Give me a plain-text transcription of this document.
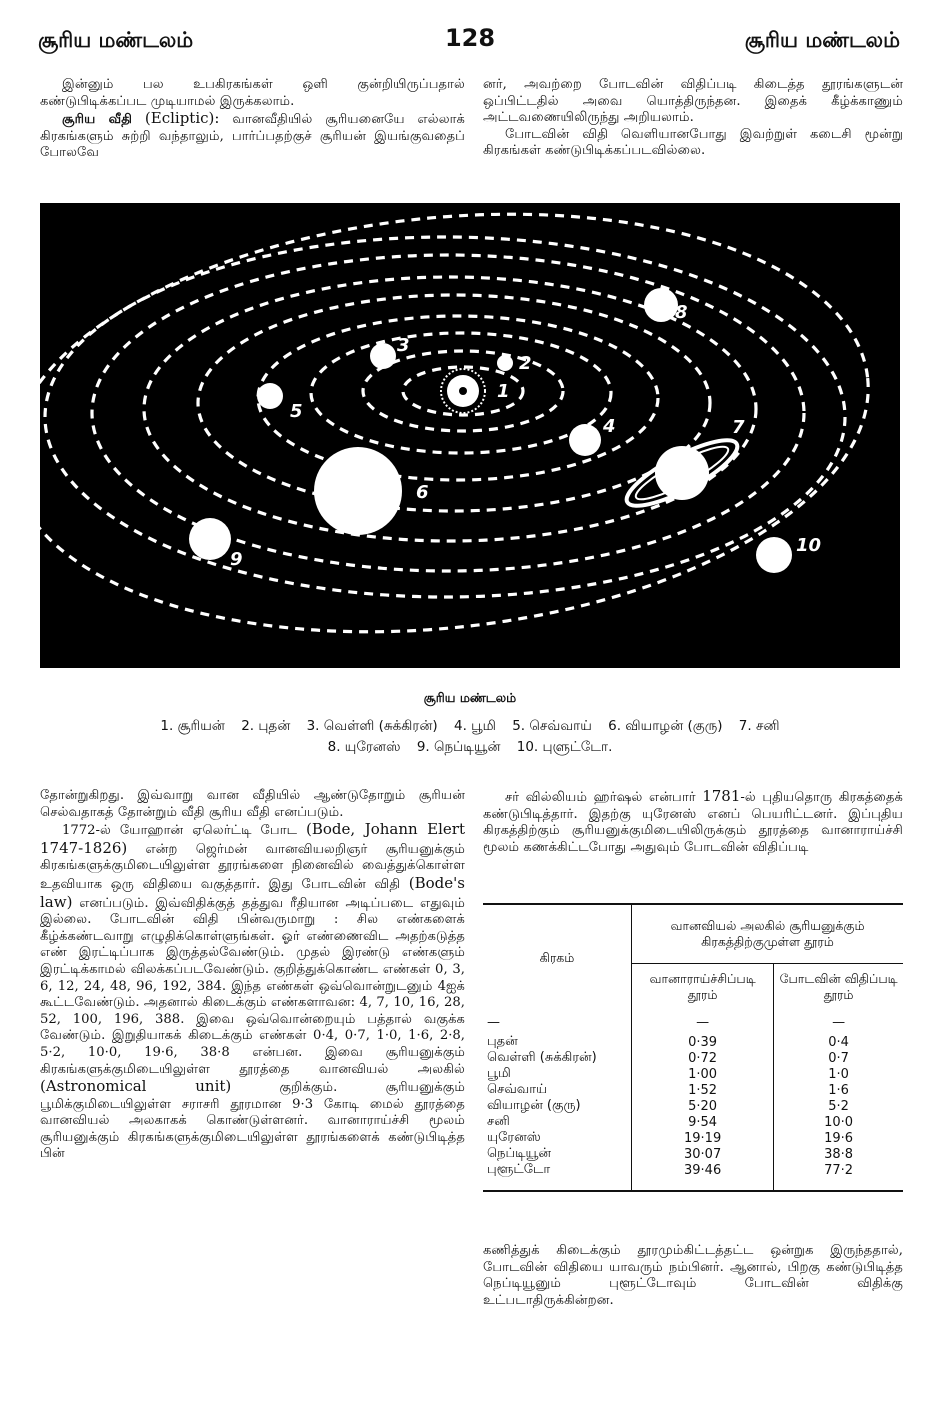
சூரிய மண்டலம்	128	சூரிய மண்டலம்

இன்னும் பல உபகிரகங்கள் ஒளி குன்றியிருப்பதால் கண்டுபிடிக்கப்பட முடியாமல் இருக்கலாம்.

சூரிய வீதி (Ecliptic): வானவீதியில் சூரியனையே எல்லாக் கிரகங்களும் சுற்றி வந்தாலும், பார்ப்பதற்குச் சூரியன் இயங்குவதைப் போலவே

னர், அவற்றை போடவின் விதிப்படி கிடைத்த தூரங்களுடன் ஒப்பிட்டதில் அவை யொத்திருந்தன. இதைக் கீழ்க்காணும் அட்டவணையிலிருந்து அறியலாம்.

போடவின் விதி வெளியானபோது இவற்றுள் கடைசி மூன்று கிரகங்கள் கண்டுபிடிக்கப்படவில்லை.

1
2
3
4
5
6
7
8
9
10
சூரிய மண்டலம்
1. சூரியன் 2. புதன் 3. வெள்ளி (சுக்கிரன்) 4. பூமி 5. செவ்வாய் 6. வியாழன் (குரு) 7. சனி
8. யுரேனஸ் 9. நெப்டியூன் 10. புளுட்டோ.

தோன்றுகிறது. இவ்வாறு வான வீதியில் ஆண்டுதோறும் சூரியன் செல்வதாகத் தோன்றும் வீதி சூரிய வீதி எனப்படும்.

1772-ல் யோஹான் ஏலெர்ட்டி போட (Bode, Johann Elert 1747-1826) என்ற ஜெர்மன் வானவியலறிஞர் சூரியனுக்கும் கிரகங்களுக்குமிடையிலுள்ள தூரங்களை நினைவில் வைத்துக்கொள்ள உதவியாக ஒரு விதியை வகுத்தார். இது போடவின் விதி (Bode's law) எனப்படும். இவ்விதிக்குத் தத்துவ ரீதியான அடிப்படை எதுவும் இல்லை. போடவின் விதி பின்வருமாறு : சில எண்களைக் கீழ்க்கண்டவாறு எழுதிக்கொள்ளுங்கள். ஓர் எண்ணைவிட அதற்கடுத்த எண் இரட்டிப்பாக இருத்தல்வேண்டும். முதல் இரண்டு எண்களும் இரட்டிக்காமல் விலக்கப்படவேண்டும். குறித்துக்கொண்ட எண்கள் 0, 3, 6, 12, 24, 48, 96, 192, 384. இந்த எண்கள் ஒவ்வொன்றுடனும் 4ஐக் கூட்டவேண்டும். அதனால் கிடைக்கும் எண்களாவன: 4, 7, 10, 16, 28, 52, 100, 196, 388. இவை ஒவ்வொன்றையும் பத்தால் வகுக்க வேண்டும். இறுதியாகக் கிடைக்கும் எண்கள் 0·4, 0·7, 1·0, 1·6, 2·8, 5·2, 10·0, 19·6, 38·8 என்பன. இவை சூரியனுக்கும் கிரகங்களுக்குமிடையிலுள்ள தூரத்தை வானவியல் அலகில் (Astronomical unit)	குறிக்கும். சூரியனுக்கும் பூமிக்குமிடையிலுள்ள சராசரி தூரமான 9·3 கோடி மைல் தூரத்தை வானவியல் அலகாகக் கொண்டுள்ளனர். வானாராய்ச்சி மூலம் சூரியனுக்கும் கிரகங்களுக்குமிடையிலுள்ள தூரங்களைக் கண்டுபிடித்த பின்

சர் வில்லியம் ஹர்ஷல் என்பார் 1781-ல் புதியதொரு கிரகத்தைக் கண்டுபிடித்தார். இதற்கு யுரேனஸ் எனப் பெயரிட்டனர். இப்புதிய கிரகத்திற்கும் சூரியனுக்குமிடையிலிருக்கும் தூரத்தை வானாராய்ச்சி மூலம் கணக்கிட்டபோது அதுவும் போடவின் விதிப்படி

கிரகம்	வானவியல் அலகில் சூரியனுக்கும் கிரகத்திற்குமுள்ள தூரம்	
	வானாராய்ச்சிப்படி தூரம்	போடவின் விதிப்படி தூரம்
—	—	—
புதன்	0·39	0·4
வெள்ளி (சுக்கிரன்)	0·72	0·7
பூமி	1·00	1·0
செவ்வாய்	1·52	1·6
வியாழன் (குரு)	5·20	5·2
சனி	9·54	10·0
யுரேனஸ்	19·19	19·6
நெப்டியூன்	30·07	38·8
புளூட்டோ	39·46	77·2
கணித்துக் கிடைக்கும் தூரமும்கிட்டத்தட்ட ஒன்றுக இருந்ததால், போடவின் விதியை யாவரும் நம்பினர். ஆனால், பிறகு கண்டுபிடித்த நெப்டியூனும் புளூட்டோவும் போடவின் விதிக்கு உட்படாதிருக்கின்றன.
